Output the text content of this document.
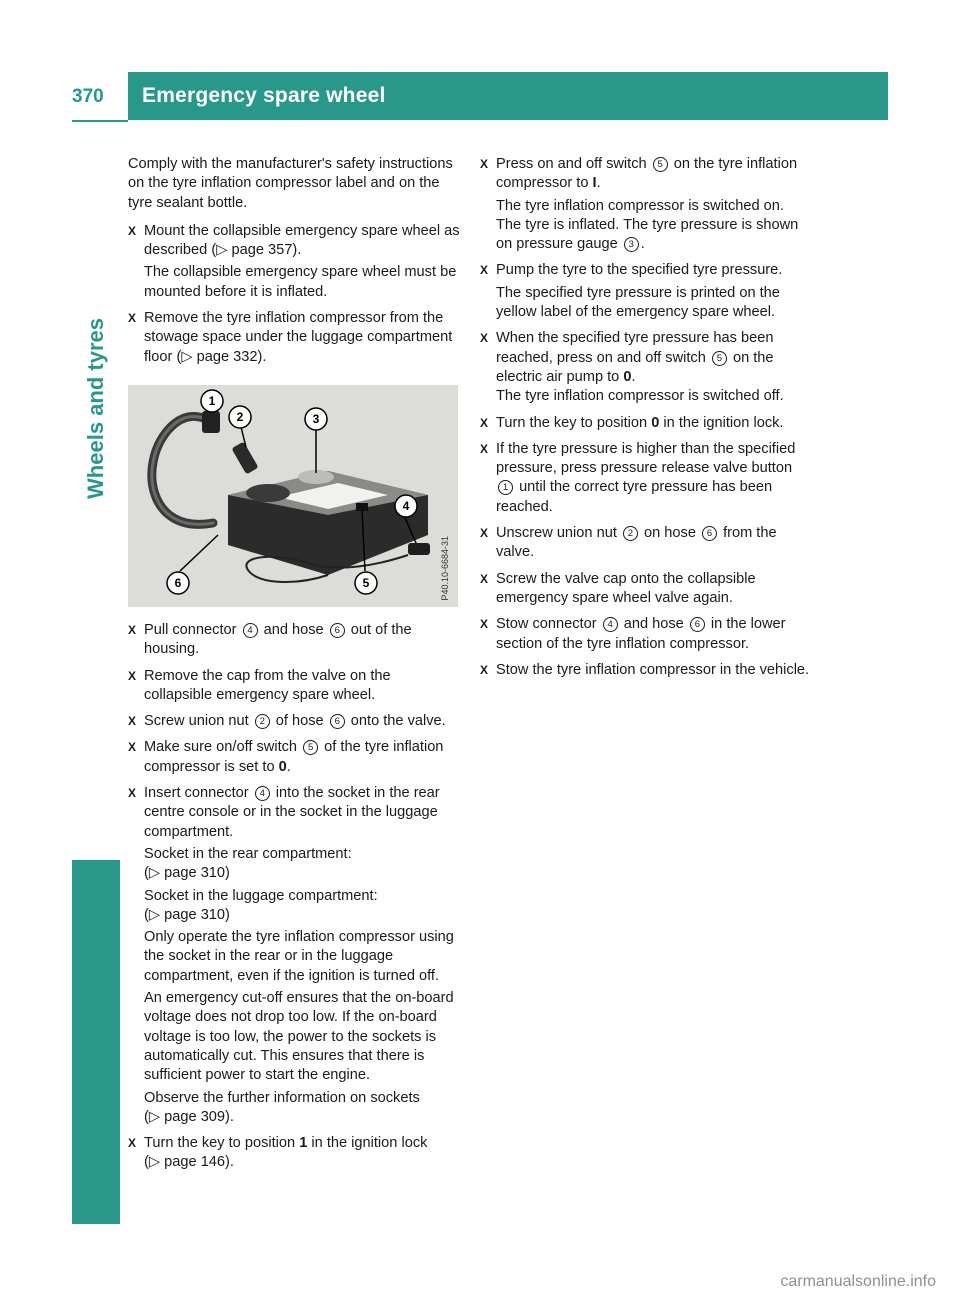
370	Emergency spare wheel
Wheels and tyres

Comply with the manufacturer's safety instructions on the tyre inflation compressor label and on the tyre sealant bottle.

X Mount the collapsible emergency spare wheel as described (▷ page 357).

The collapsible emergency spare wheel must be mounted before it is inflated.

X Remove the tyre inflation compressor from the stowage space under the luggage compartment floor (▷ page 332).
1
2	3
4
5
6	P40.10-6684-31
X Pull connector 4 and hose 6 out of the housing.
X Remove the cap from the valve on the collapsible emergency spare wheel.
X Screw union nut 2 of hose 6 onto the valve.
X Make sure on/off switch 5 of the tyre inflation compressor is set to 0.
X Insert connector 4 into the socket in the rear centre console or in the socket in the luggage compartment.

Socket in the rear compartment:
(▷ page 310)

Socket in the luggage compartment:
(▷ page 310)

Only operate the tyre inflation compressor using the socket in the rear or in the luggage compartment, even if the ignition is turned off.

An emergency cut-off ensures that the on-board voltage does not drop too low. If the on-board voltage is too low, the power to the sockets is automatically cut. This ensures that there is sufficient power to start the engine.

Observe the further information on sockets
(▷ page 309).

X Turn the key to position 1 in the ignition lock
(▷ page 146).
X Press on and off switch 5 on the tyre inflation compressor to I.

The tyre inflation compressor is switched on.
The tyre is inflated. The tyre pressure is shown on pressure gauge 3 .

X Pump the tyre to the specified tyre pressure.

The specified tyre pressure is printed on the yellow label of the emergency spare wheel.

X When the specified tyre pressure has been reached, press on and off switch 5 on the electric air pump to 0.
The tyre inflation compressor is switched off.
X Turn the key to position 0 in the ignition lock.
X If the tyre pressure is higher than the specified pressure, press pressure release valve button 1 until the correct tyre pressure has been reached.
X Unscrew union nut 2 on hose 6 from the valve.
X Screw the valve cap onto the collapsible emergency spare wheel valve again.
X Stow connector 4 and hose 6 in the lower section of the tyre inflation compressor.
X Stow the tyre inflation compressor in the vehicle.
carmanualsonline.info
